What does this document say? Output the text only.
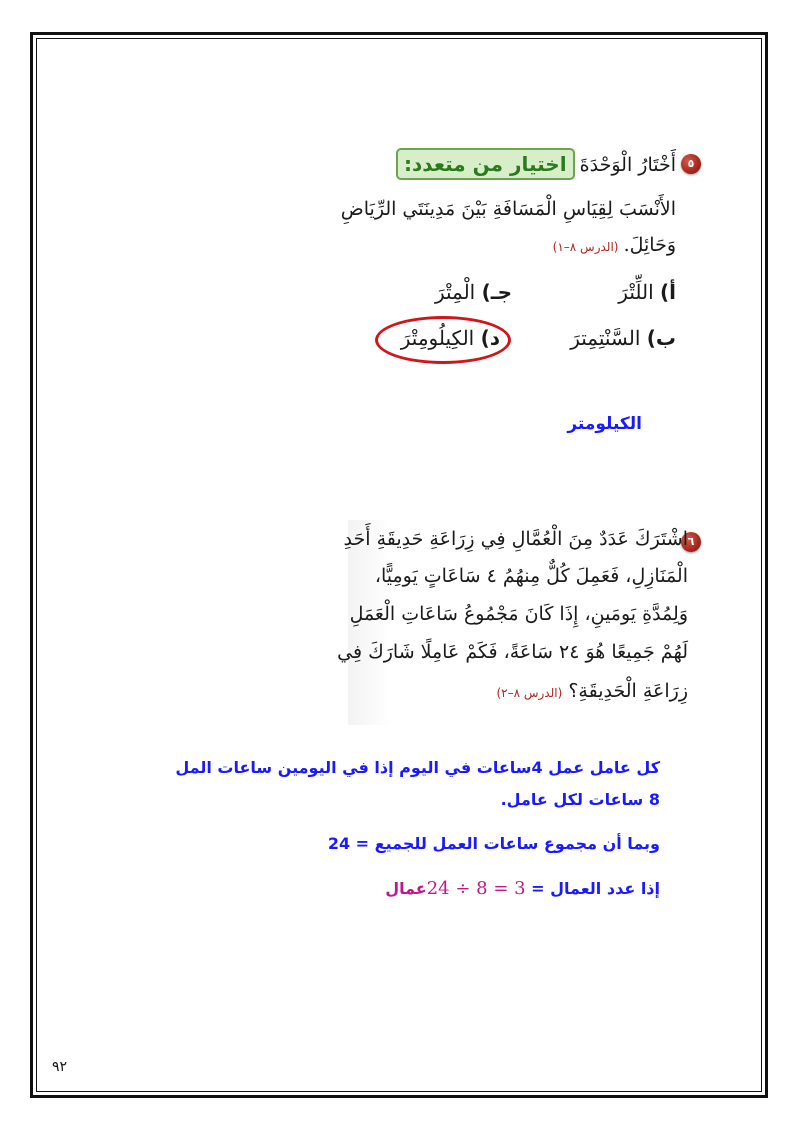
٥
أَخْتَارُ الْوَحْدَةَ اختيار من متعدد:
الأَنْسَبَ لِقِيَاسِ الْمَسَافَةِ بَيْنَ مَدِينَتَي الرِّيَاضِ
وَحَائِلَ. (الدرس ٨–١)
أ) اللِّتْرَ
جـ) الْمِتْرَ
ب) السَّنْتِمِترَ
د) الكِيلُومِتْرَ
الكيلومتر
٦
اشْتَرَكَ عَدَدٌ مِنَ الْعُمَّالِ فِي زِرَاعَةِ حَدِيقَةِ أَحَدِ
الْمَنَازِلِ، فَعَمِلَ كُلٌّ مِنهُمُ ٤ سَاعَاتٍ يَومِيًّا،
وَلِمُدَّةِ يَومَينِ، إِذَا كَانَ مَجْمُوعُ سَاعَاتِ الْعَمَلِ
لَهُمْ جَمِيعًا هُوَ ٢٤ سَاعَةً، فَكَمْ عَامِلًا شَارَكَ فِي
زِرَاعَةِ الْحَدِيقَةِ؟ (الدرس ٨–٢)
كل عامل عمل 4ساعات في اليوم إذا في اليومين ساعات المل
8 ساعات لكل عامل.
وبما أن مجموع ساعات العمل للجميع = 24
إذا عدد العمال = 24 ÷ 8 = 3عمال
٩٢
